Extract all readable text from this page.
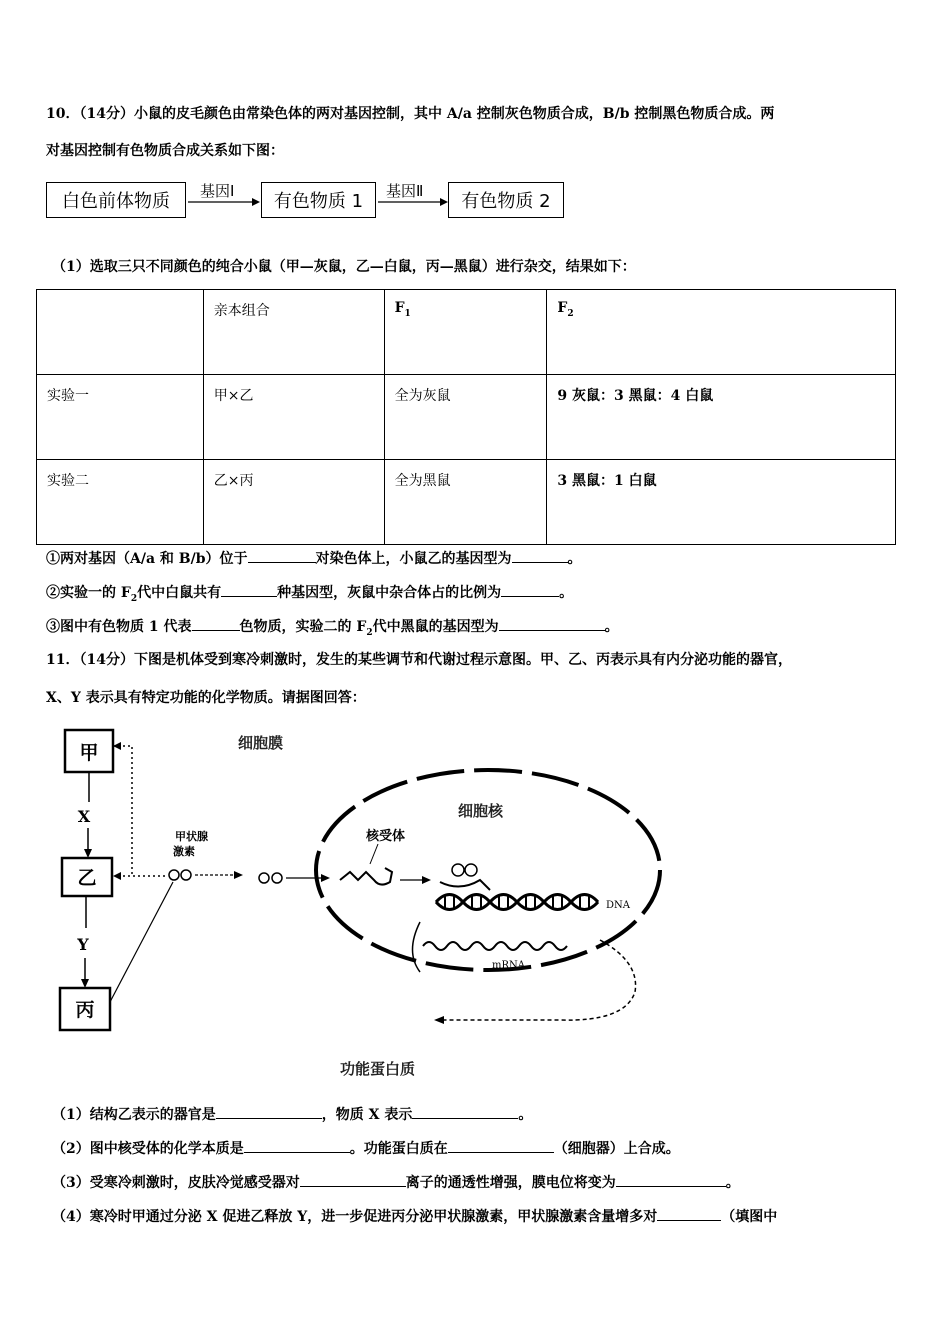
10．（14分）小鼠的皮毛颜色由常染色体的两对基因控制，其中 A/a 控制灰色物质合成，B/b 控制黑色物质合成。两
对基因控制有色物质合成关系如下图：
白色前体物质 基因Ⅰ 有色物质 1 基因Ⅱ 有色物质 2
（1）选取三只不同颜色的纯合小鼠（甲—灰鼠，乙—白鼠，丙—黑鼠）进行杂交，结果如下：
	亲本组合	$F_1$	$F_2$
实验一	甲×乙	全为灰鼠	9 灰鼠：3 黑鼠：4 白鼠
实验二	乙×丙	全为黑鼠	3 黑鼠：1 白鼠
①两对基因（A/a 和 B/b）位于	对染色体上，小鼠乙的基因型为	。
②实验一的 $F_2$代中白鼠共有	种基因型，灰鼠中杂合体占的比例为	。
③图中有色物质 1 代表	色物质，实验二的 $F_2$代中黑鼠的基因型为	。
11．（14分）下图是机体受到寒冷刺激时，发生的某些调节和代谢过程示意图。甲、乙、丙表示具有内分泌功能的器官，
X、Y 表示具有特定功能的化学物质。请据图回答：
甲
乙
丙
X
Y
甲状腺
激素
细胞膜
细胞核
核受体
DNA
mRNA
功能蛋白质
（1）结构乙表示的器官是	，物质 X 表示	。
（2）图中核受体的化学本质是	。功能蛋白质在	（细胞器）上合成。
（3）受寒冷刺激时，皮肤冷觉感受器对	离子的通透性增强，膜电位将变为	。
（4）寒冷时甲通过分泌 X 促进乙释放 Y，进一步促进丙分泌甲状腺激素，甲状腺激素含量增多对	（填图中
